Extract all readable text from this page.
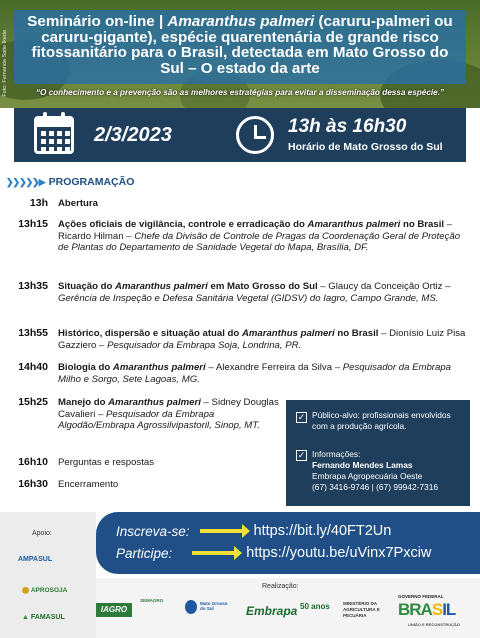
Foto: Fernanda Satie Ikeda
Seminário on-line | Amaranthus palmeri (caruru-palmeri ou caruru-gigante), espécie quarentenária de grande risco fitossanitário para o Brasil, detectada em Mato Grosso do Sul – O estado da arte
“O conhecimento e a prevenção são as melhores estratégias para evitar a disseminação dessa espécie.”
2/3/2023	13h às 16h30
Horário de Mato Grosso do Sul
❯❯❯❯❯▶ PROGRAMAÇÃO
13h Abertura
13h15 Ações oficiais de vigilância, controle e erradicação do Amaranthus palmeri no Brasil – Ricardo Hilman – Chefe da Divisão de Controle de Pragas da Coordenação Geral de Proteção de Plantas do Departamento de Sanidade Vegetal do Mapa, Brasília, DF.
13h35 Situação do Amaranthus palmeri em Mato Grosso do Sul – Glaucy da Conceição Ortiz – Gerência de Inspeção e Defesa Sanitária Vegetal (GIDSV) do Iagro, Campo Grande, MS.
13h55 Histórico, dispersão e situação atual do Amaranthus palmeri no Brasil – Dionísio Luiz Pisa Gazziero – Pesquisador da Embrapa Soja, Londrina, PR.
14h40 Biologia do Amaranthus palmeri – Alexandre Ferreira da Silva – Pesquisador da Embrapa Milho e Sorgo, Sete Lagoas, MG.
15h25 Manejo do Amaranthus palmeri – Sidney Douglas Cavalieri – Pesquisador da Embrapa Algodão/Embrapa Agrossilvipastoril, Sinop, MT.
16h10 Perguntas e respostas
16h30 Encerramento
✓ Público-alvo: profissionais envolvidos com a produção agrícola.
✓ Informações:
Fernando Mendes Lamas
Embrapa Agropecuária Oeste
(67) 3416-9746 | (67) 99942-7316
Apoio:
AMPASUL
⬤ APROSOJA
▲ FAMASUL
Inscreva-se:	https://bit.ly/40FT2Un
Participe:	https://youtu.be/uVinx7Pxciw
Realização:
IAGRO
SEMAGRO
Mato Grosso do Sul	Embrapa 50 anos	MINISTÉRIO DA AGRICULTURA E PECUÁRIA
GOVERNO FEDERAL
BRASIL
UNIÃO E RECONSTRUÇÃO
